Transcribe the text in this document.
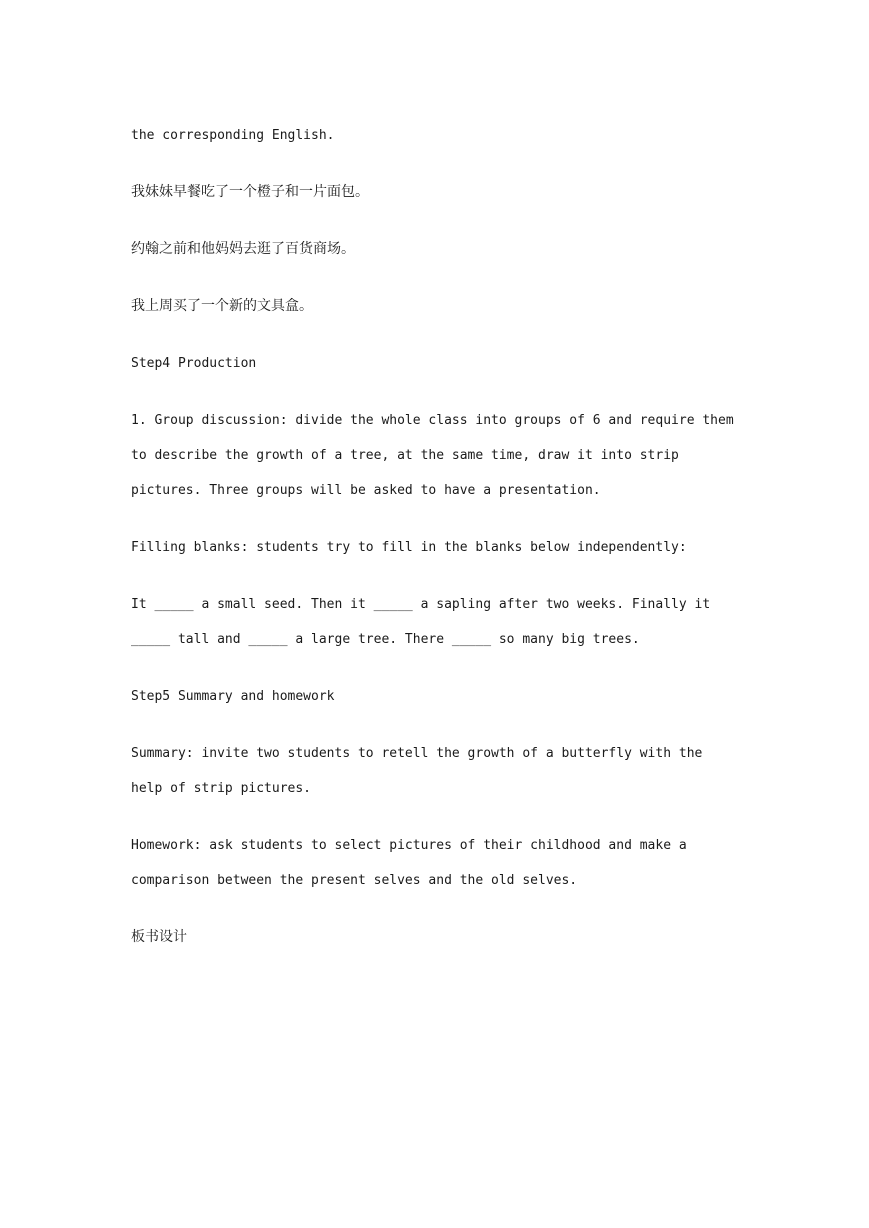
the corresponding English.

我妹妹早餐吃了一个橙子和一片面包。

约翰之前和他妈妈去逛了百货商场。

我上周买了一个新的文具盒。

Step4 Production

1. Group discussion: divide the whole class into groups of 6 and require them to describe the growth of a tree, at the same time, draw it into strip pictures. Three groups will be asked to have a presentation.

Filling blanks: students try to fill in the blanks below independently:

It _____ a small seed. Then it _____ a sapling after two weeks. Finally it _____ tall and _____ a large tree. There _____ so many big trees.

Step5 Summary and homework

Summary: invite two students to retell the growth of a butterfly with the help of strip pictures.

Homework: ask students to select pictures of their childhood and make a comparison between the present selves and the old selves.

板书设计
